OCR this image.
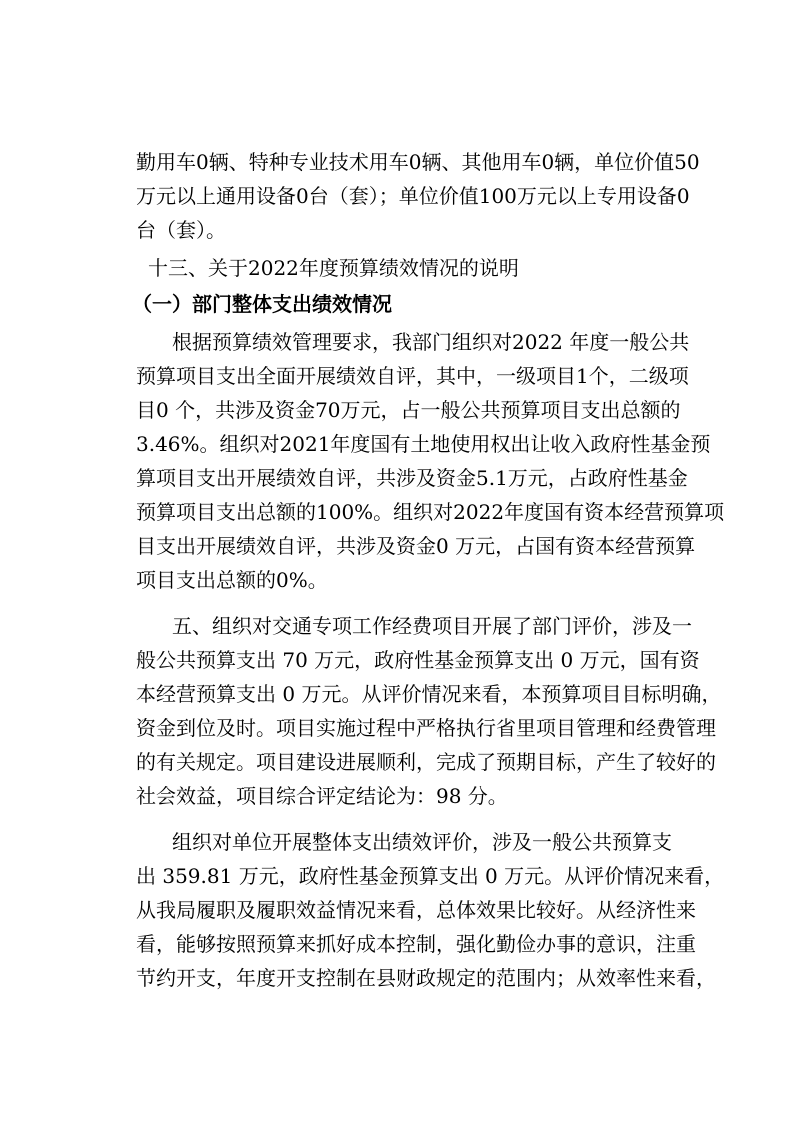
勤用车0辆、特种专业技术用车0辆、其他用车0辆，单位价值50
万元以上通用设备0台（套）；单位价值100万元以上专用设备0
台（套）。
十三、关于2022年度预算绩效情况的说明
（一）部门整体支出绩效情况
根据预算绩效管理要求，我部门组织对2022 年度一般公共
预算项目支出全面开展绩效自评，其中，一级项目1个，二级项
目0 个，共涉及资金70万元，占一般公共预算项目支出总额的
3.46%。组织对2021年度国有土地使用权出让收入政府性基金预
算项目支出开展绩效自评，共涉及资金5.1万元，占政府性基金
预算项目支出总额的100%。组织对2022年度国有资本经营预算项
目支出开展绩效自评，共涉及资金0 万元，占国有资本经营预算
项目支出总额的0%。
五、组织对交通专项工作经费项目开展了部门评价，涉及一
般公共预算支出 70 万元，政府性基金预算支出 0 万元，国有资
本经营预算支出 0 万元。从评价情况来看，本预算项目目标明确，
资金到位及时。项目实施过程中严格执行省里项目管理和经费管理
的有关规定。项目建设进展顺利，完成了预期目标，产生了较好的
社会效益，项目综合评定结论为：98 分。
组织对单位开展整体支出绩效评价，涉及一般公共预算支
出 359.81 万元，政府性基金预算支出 0 万元。从评价情况来看，
从我局履职及履职效益情况来看，总体效果比较好。从经济性来
看，能够按照预算来抓好成本控制，强化勤俭办事的意识，注重
节约开支，年度开支控制在县财政规定的范围内；从效率性来看，
